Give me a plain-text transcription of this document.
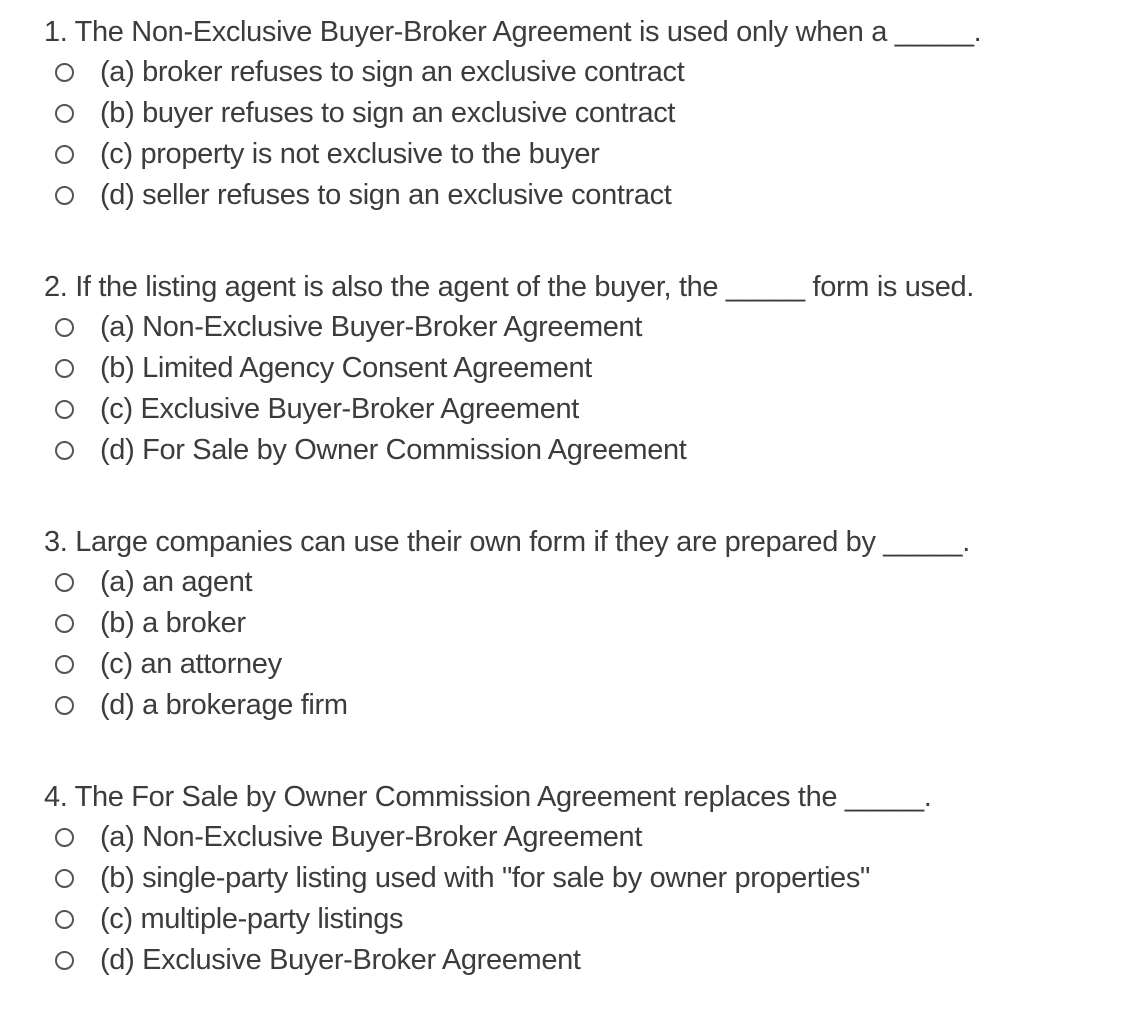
1. The Non-Exclusive Buyer-Broker Agreement is used only when a _____.
(a) broker refuses to sign an exclusive contract
(b) buyer refuses to sign an exclusive contract
(c) property is not exclusive to the buyer
(d) seller refuses to sign an exclusive contract
2. If the listing agent is also the agent of the buyer, the _____ form is used.
(a) Non-Exclusive Buyer-Broker Agreement
(b) Limited Agency Consent Agreement
(c) Exclusive Buyer-Broker Agreement
(d) For Sale by Owner Commission Agreement
3. Large companies can use their own form if they are prepared by _____.
(a) an agent
(b) a broker
(c) an attorney
(d) a brokerage firm
4. The For Sale by Owner Commission Agreement replaces the _____.
(a) Non-Exclusive Buyer-Broker Agreement
(b) single-party listing used with "for sale by owner properties"
(c) multiple-party listings
(d) Exclusive Buyer-Broker Agreement
